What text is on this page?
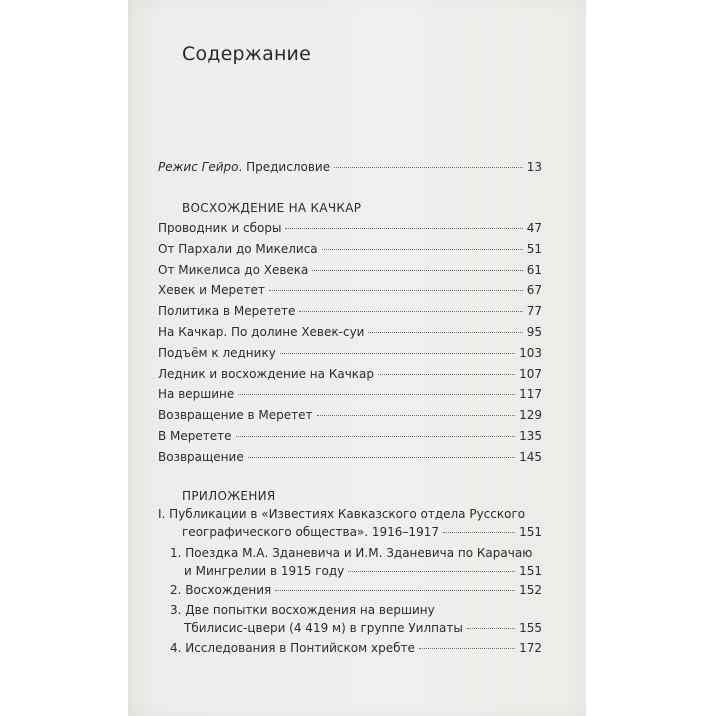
Содержание
Режис Гейро. Предисловие	13
ВОСХОЖДЕНИЕ НА КАЧКАР
Проводник и сборы	47
От Пархали до Микелиса	51
От Микелиса до Хевека	61
Хевек и Меретет	67
Политика в Меретете	77
На Качкар. По долине Хевек-суи	95
Подъём к леднику	103
Ледник и восхождение на Качкар	107
На вершине	117
Возвращение в Меретет	129
В Меретете	135
Возвращение	145
ПРИЛОЖЕНИЯ
I. Публикации в «Известиях Кавказского отдела Русского
географического общества». 1916–1917	151
1. Поездка М.А. Зданевича и И.М. Зданевича по Карачаю
и Мингрелии в 1915 году	151
2. Восхождения	152
3. Две попытки восхождения на вершину
Тбилисис-цвери (4 419 м) в группе Уилпаты	155
4. Исследования в Понтийском хребте	172
